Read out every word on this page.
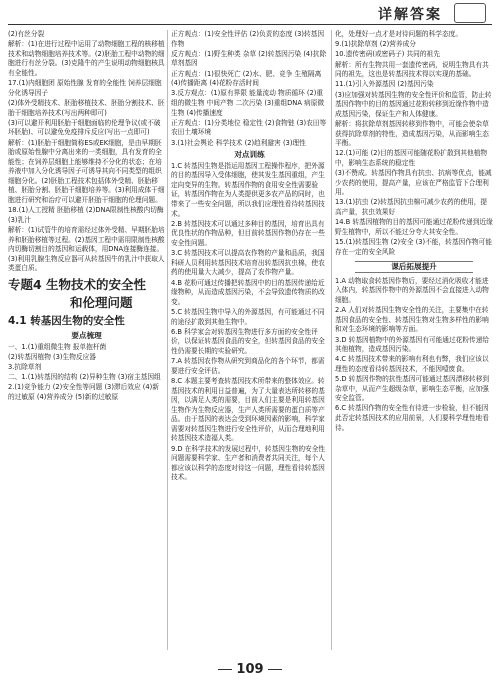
详解答案

(2)有丝分裂

解析：(1)在进行过程中运用了动物细胞工程的核移植技术和动物细胞培养技术等。(2)胚胎工程中动物的细胞进行有丝分裂。(3)克隆牛的产生说明动物细胞核具有全能性。

17.(1)内细胞团 原始性腺 发育的全能性 饲养层细胞 分化诱导因子

(2)体外受精技术、胚胎移植技术、胚胎分割技术、胚胎干细胞培养技术(写出两种即可)

(3)可以避开利用胚胎干细胞面临的伦理争议(或不破坏胚胎)、可以避免免疫排斥反应(写出一点即可)

解析：(1)胚胎干细胞简称ES或EK细胞，是由早期胚胎或原始性腺中分离出来的一类细胞，具有发育的全能性；在饲养层细胞上能够维持不分化的状态；在培养液中加入分化诱导因子可诱导其向不同类型的组织细胞分化。(2)胚胎工程技术包括体外受精、胚胎移植、胚胎分割、胚胎干细胞培养等。(3)利用成体干细胞进行研究和治疗可以避开胚胎干细胞的伦理问题。

18.(1)人工授精 胚胎移植 (2)DNA限制性核酸内切酶 (3)乳汁

解析：(1)试管牛的培育需经过体外受精、早期胚胎培养和胚胎移植等过程。(2)基因工程中需用限制性核酸内切酶切割目的基因和运载体，用DNA连接酶连接。(3)利用乳腺生物反应器可从转基因牛的乳汁中获取人类蛋白质。

专题4 生物技术的安全性
和伦理问题
4.1 转基因生物的安全性
要点梳理

一、1.(1)重组微生物 报单抱杆菌

(2)转基因植物 (3)生物反应器

3.抗除草剂

二、1.(1)转基因的结构 (2)异种生物 (3)宿主基因组

2.(1)竞争能力 (2)安全性等问题 (3)滞后效应 (4)新的过敏原 (4)营养成分 (5)新的过敏原

正方观点：(1)安全性评估 (2)负责的态度 (3)转基因作物

反方观点：(1)野生种类 杂草 (2)转基因污染 (4)抗除草剂基因

正方观点：(1)很快死亡 (2)水、肥、竞争 生殖隔离 (4)传播距离 (4)花粉存活时间

3.反方观点：(1)原有界限 能量流动 物质循环 (2)重组的微生物 中间产物 二次污染 (3)重组DNA 病原微生物 (4)传播速度

正方观点：(1)分类地位 稳定性 (2)食物链 (3)农田等 农田土壤环境

3.(1)社会舆论 科学技术 (2)趋利避害 (3)理性

对点训练

1.C 转基因生物是指运用基因工程操作程序，把外源的目的基因导入受体细胞，使其发生基因重组，产生定向变异的生物。转基因作物的食用安全性需要验证，转基因作物在为人类提供更多农产品的同时，也带来了一些安全问题，所以我们应理性看待转基因技术。

2.B 转基因技术可以通过多种目的基因，培育出具有优良性状的作物品种，但目前转基因作物仍存在一些安全性问题。

3.C 转基因技术可以提高农作物的产量和品质，我国科研人员利用转基因技术培育出转基因抗虫棉，使农药的使用量大大减少，提高了农作物产量。

4.B 花粉可通过传播把转基因中的目的基因传递给近缘物种，从而造成基因污染，不会导致遗传物质的改变。

5.C 转基因生物中导入的外源基因，有可能通过不同的途径扩散到其他生物中。

6.B 科学家会对转基因生物进行多方面的安全性评价，以保证转基因食品的安全，但转基因食品的安全性仍需要长期的实验研究。

7.A 转基因农作物从研究到商品化的各个环节，都需要进行安全评估。

8.C 本题主要考查转基因技术所带来的整体效应。转基因技术的利用日益普遍，为了大量表达所转移的基因，以满足人类的需要，目前人们主要是利用转基因生物作为生物反应器，生产人类所需要的蛋白质等产品。由于基因的表达会受到环境因素的影响，科学家需要对转基因生物进行安全性评价，从而合理地利用转基因技术造福人类。

9.D 在科学技术的发展过程中，转基因生物的安全性问题需要科学家、生产者和消费者共同关注，每个人都应该以科学的态度对待这一问题，理性看待转基因技术。

化，处理好一点才是对待问题的科学态度。

9.(1)抗除草剂 (2)营养成分

10.遗传密码(或密码子) 共同的祖先

解析：所有生物共用一套遗传密码，说明生物具有共同的祖先，这也是转基因技术得以实现的基础。

11.(1)引入外源基因 (2)基因污染

(3)应加强对转基因生物的安全性评价和监管，防止转基因作物中的目的基因通过花粉转移到近缘作物中造成基因污染，保证生产和人体健康。

解析：将抗除草剂基因转移到作物中，可能会使杂草获得抗除草剂的特性，造成基因污染，从而影响生态平衡。

12.(1)可能 (2)目的基因可能随花粉扩散到其他植物中，影响生态系统的稳定性

(3)不赞成。转基因作物具有抗虫、抗病等优点，能减少农药的使用，提高产量，应该在严格监管下合理利用。

13.(1)抗虫 (2)转基因抗虫棉可减少农药的使用，提高产量，抗虫效果好

14.B 转基因植物的目的基因可能通过花粉传递到近缘野生植物中，所以不能过分夸大其安全性。

15.(1)转基因生物 (2)安全 (3)不能，转基因作物可能存在一定的安全风险

课后拓展提升

1.A 动物取食转基因作物后，要经过消化吸收才能进入体内，转基因作物中的外源基因不会直接进入动物细胞。

2.A 人们对转基因生物安全性的关注，主要集中在转基因食品的安全性、转基因生物对生物多样性的影响和对生态环境的影响等方面。

3.D 转基因植物中的外源基因有可能通过花粉传递给其他植物，造成基因污染。

4.C 转基因技术带来的影响有利也有弊，我们应该以理性的态度看待转基因技术，不能因噎废食。

5.D 转基因作物的抗性基因可能通过基因漂移转移到杂草中，从而产生超级杂草，影响生态平衡，应加强安全监管。

6.C 转基因作物的安全性有待进一步检验，但不能因此否定转基因技术的应用前景，人们要科学理性地看待。

109
